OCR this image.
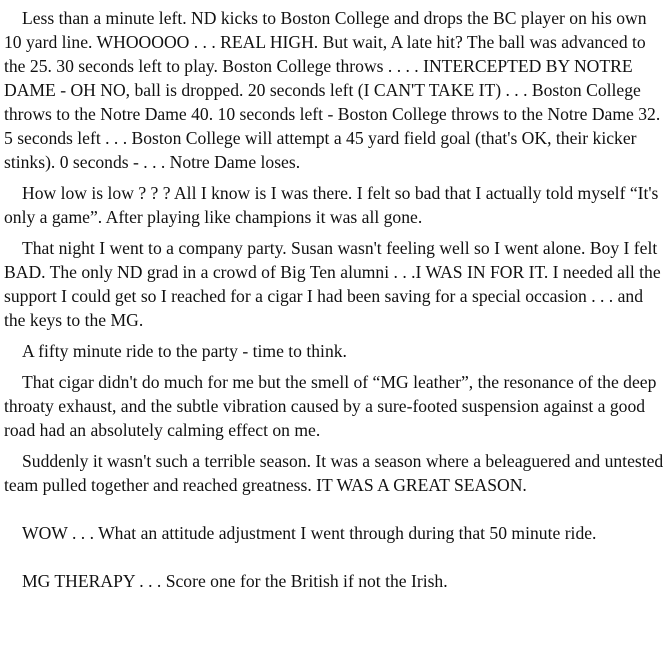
Less than a minute left. ND kicks to Boston College and drops the BC player on his own 10 yard line. WHOOOOO . . . REAL HIGH. But wait, A late hit? The ball was advanced to the 25. 30 seconds left to play. Boston College throws . . . . INTERCEPTED BY NOTRE DAME - OH NO, ball is dropped. 20 seconds left (I CAN'T TAKE IT) . . . Boston College throws to the Notre Dame 40. 10 seconds left - Boston College throws to the Notre Dame 32. 5 seconds left . . . Boston College will attempt a 45 yard field goal (that's OK, their kicker stinks). 0 seconds - . . . Notre Dame loses.

How low is low ? ? ? All I know is I was there. I felt so bad that I actually told myself “It's only a game”. After playing like champions it was all gone.

That night I went to a company party. Susan wasn't feeling well so I went alone. Boy I felt BAD. The only ND grad in a crowd of Big Ten alumni . . .I WAS IN FOR IT. I needed all the support I could get so I reached for a cigar I had been saving for a special occasion . . . and the keys to the MG.

A fifty minute ride to the party - time to think.

That cigar didn't do much for me but the smell of “MG leather”, the resonance of the deep throaty exhaust, and the subtle vibration caused by a sure-footed suspension against a good road had an absolutely calming effect on me.

Suddenly it wasn't such a terrible season. It was a season where a beleaguered and untested team pulled together and reached greatness. IT WAS A GREAT SEASON.

WOW . . . What an attitude adjustment I went through during that 50 minute ride.

MG THERAPY . . . Score one for the British if not the Irish.
